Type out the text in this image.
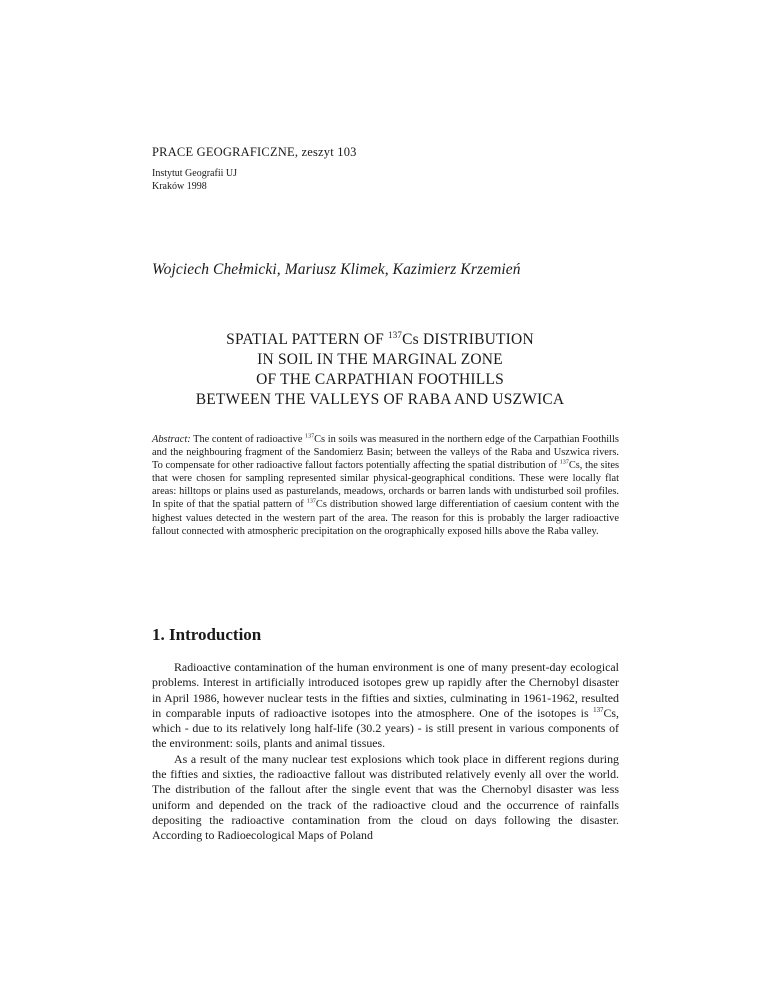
PRACE GEOGRAFICZNE, zeszyt 103
Instytut Geografii UJ
Kraków 1998
Wojciech Chełmicki, Mariusz Klimek, Kazimierz Krzemień
SPATIAL PATTERN OF $^{137}$Cs DISTRIBUTION
IN SOIL IN THE MARGINAL ZONE
OF THE CARPATHIAN FOOTHILLS
BETWEEN THE VALLEYS OF RABA AND USZWICA
Abstract: The content of radioactive $^{137}$Cs in soils was measured in the northern edge of the Carpathian Foothills and the neighbouring fragment of the Sandomierz Basin; between the valleys of the Raba and Uszwica rivers. To compensate for other radioactive fallout factors potentially affecting the spatial distribution of $^{137}$Cs, the sites that were chosen for sampling represented similar physical-geographical conditions. These were locally flat areas: hilltops or plains used as pasturelands, meadows, orchards or barren lands with undisturbed soil profiles. In spite of that the spatial pattern of $^{137}$Cs distribution showed large differentiation of caesium content with the highest values detected in the western part of the area. The reason for this is probably the larger radioactive fallout connected with atmospheric precipitation on the orographically exposed hills above the Raba valley.
1. Introduction

Radioactive contamination of the human environment is one of many present-day ecological problems. Interest in artificially introduced isotopes grew up rapidly after the Chernobyl disaster in April 1986, however nuclear tests in the fifties and sixties, culminating in 1961-1962, resulted in comparable inputs of radioactive isotopes into the atmosphere. One of the isotopes is $^{137}$Cs, which - due to its relatively long half-life (30.2 years) - is still present in various components of the environment: soils, plants and animal tissues.

As a result of the many nuclear test explosions which took place in different regions during the fifties and sixties, the radioactive fallout was distributed relatively evenly all over the world. The distribution of the fallout after the single event that was the Chernobyl disaster was less uniform and depended on the track of the radioactive cloud and the occurrence of rainfalls depositing the radioactive contamination from the cloud on days following the disaster. According to Radioecological Maps of Poland
